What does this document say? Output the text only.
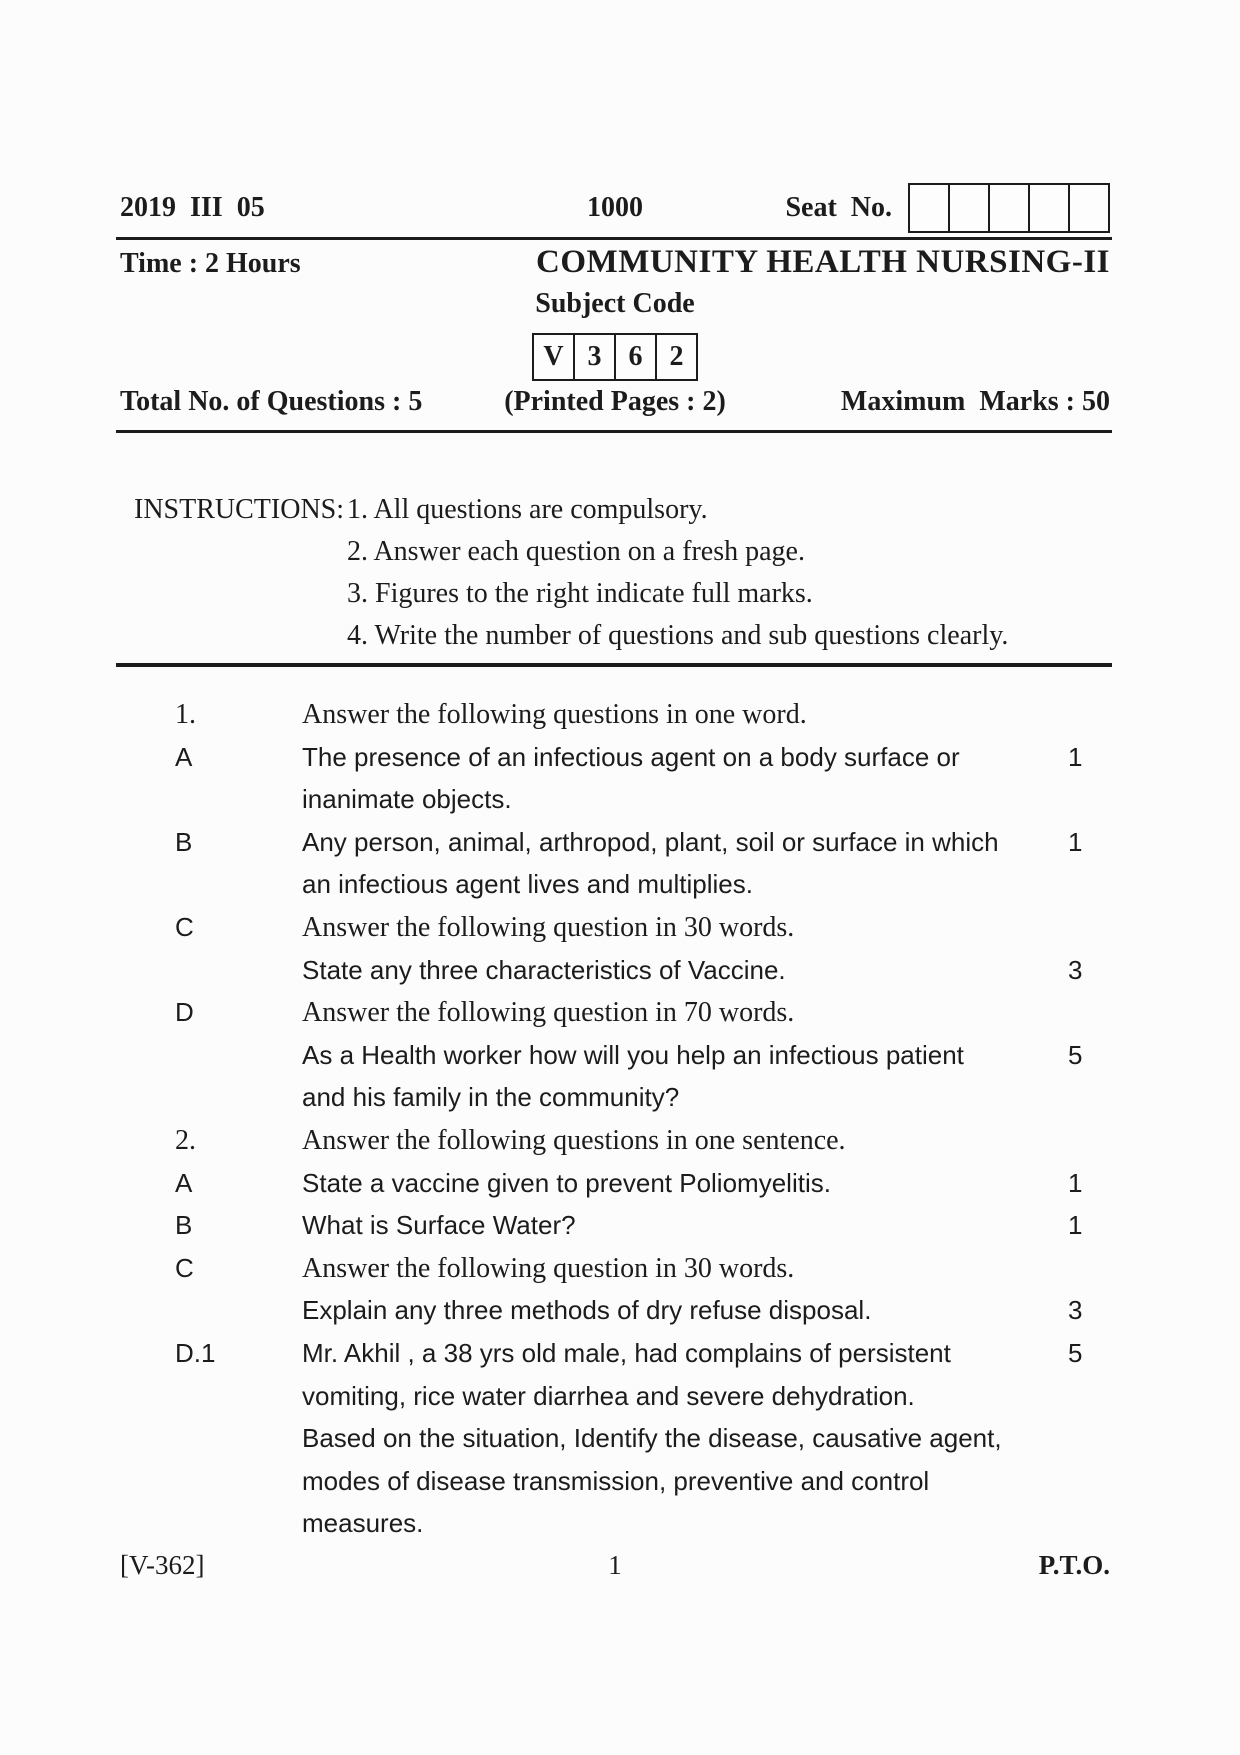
2019  III  05	1000	Seat  No.
Time : 2 Hours	COMMUNITY HEALTH NURSING-II
Subject Code
V 3 6 2
Total No. of Questions : 5	(Printed Pages : 2)	Maximum  Marks : 50
INSTRUCTIONS: 1. All questions are compulsory.
2. Answer each question on a fresh page.
3. Figures to the right indicate full marks.
4. Write the number of questions and sub questions clearly.
1.	Answer the following questions in one word.
A	The presence of an infectious agent on a body surface or	1
inanimate objects.
B	Any person, animal, arthropod, plant, soil or surface in which	1
an infectious agent lives and multiplies.
C	Answer the following question in 30 words.
State any three characteristics of Vaccine.	3
D	Answer the following question in 70 words.
As a Health worker how will you help an infectious patient	5
and his family in the community?
2.	Answer the following questions in one sentence.
A	State a vaccine given to prevent Poliomyelitis.	1
B	What is Surface Water?	1
C	Answer the following question in 30 words.
Explain any three methods of dry refuse disposal.	3
D.1	Mr. Akhil , a 38 yrs old male, had complains of persistent	5
vomiting, rice water diarrhea and severe dehydration.
Based on the situation, Identify the disease, causative agent,
modes of disease transmission, preventive and control
measures.
[V-362]	1	P.T.O.
